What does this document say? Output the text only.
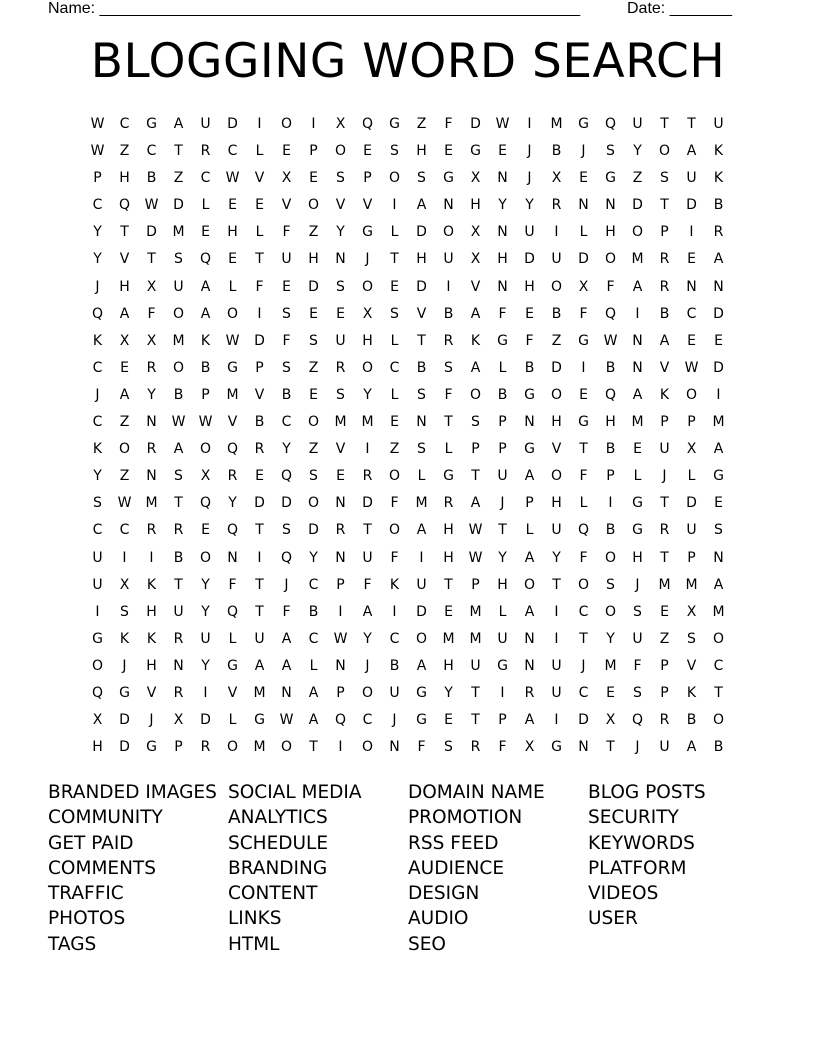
Name: ______________________________________________________	Date: _______
BLOGGING WORD SEARCH
W	C	G	A	U	D	I	O	I	X	Q	G	Z	F	D	W	I	M	G	Q	U	T	T	U
W	Z	C	T	R	C	L	E	P	O	E	S	H	E	G	E	J	B	J	S	Y	O	A	K
P	H	B	Z	C	W	V	X	E	S	P	O	S	G	X	N	J	X	E	G	Z	S	U	K
C	Q	W	D	L	E	E	V	O	V	V	I	A	N	H	Y	Y	R	N	N	D	T	D	B
Y	T	D	M	E	H	L	F	Z	Y	G	L	D	O	X	N	U	I	L	H	O	P	I	R
Y	V	T	S	Q	E	T	U	H	N	J	T	H	U	X	H	D	U	D	O	M	R	E	A
J	H	X	U	A	L	F	E	D	S	O	E	D	I	V	N	H	O	X	F	A	R	N	N
Q	A	F	O	A	O	I	S	E	E	X	S	V	B	A	F	E	B	F	Q	I	B	C	D
K	X	X	M	K	W	D	F	S	U	H	L	T	R	K	G	F	Z	G	W	N	A	E	E
C	E	R	O	B	G	P	S	Z	R	O	C	B	S	A	L	B	D	I	B	N	V	W	D
J	A	Y	B	P	M	V	B	E	S	Y	L	S	F	O	B	G	O	E	Q	A	K	O	I
C	Z	N	W W	V	B	C	O	M	M	E	N	T	S	P	N	H	G	H	M	P	P	M
K	O	R	A	O	Q	R	Y	Z	V	I	Z	S	L	P	P	G	V	T	B	E	U	X	A
Y	Z	N	S	X	R	E	Q	S	E	R	O	L	G	T	U	A	O	F	P	L	J	L	G
S	W	M	T	Q	Y	D	D	O	N	D	F	M	R	A	J	P	H	L	I	G	T	D	E
C	C	R	R	E	Q	T	S	D	R	T	O	A	H	W	T	L	U	Q	B	G	R	U	S
U	I	I	B	O	N	I	Q	Y	N	U	F	I	H	W	Y	A	Y	F	O	H	T	P	N
U	X	K	T	Y	F	T	J	C	P	F	K	U	T	P	H	O	T	O	S	J	M	M	A
I	S	H	U	Y	Q	T	F	B	I	A	I	D	E	M	L	A	I	C	O	S	E	X	M
G	K	K	R	U	L	U	A	C	W	Y	C	O	M	M	U	N	I	T	Y	U	Z	S	O
O	J	H	N	Y	G	A	A	L	N	J	B	A	H	U	G	N	U	J	M	F	P	V	C
Q	G	V	R	I	V	M	N	A	P	O	U	G	Y	T	I	R	U	C	E	S	P	K	T
X	D	J	X	D	L	G	W	A	Q	C	J	G	E	T	P	A	I	D	X	Q	R	B	O
H	D	G	P	R	O	M	O	T	I	O	N	F	S	R	F	X	G	N	T	J	U	A	B
BRANDED IMAGES
COMMUNITY
GET PAID
COMMENTS
TRAFFIC
PHOTOS
TAGS
SOCIAL MEDIA
ANALYTICS
SCHEDULE
BRANDING
CONTENT
LINKS
HTML
DOMAIN NAME
PROMOTION
RSS FEED
AUDIENCE
DESIGN
AUDIO
SEO
BLOG POSTS
SECURITY
KEYWORDS
PLATFORM
VIDEOS
USER
